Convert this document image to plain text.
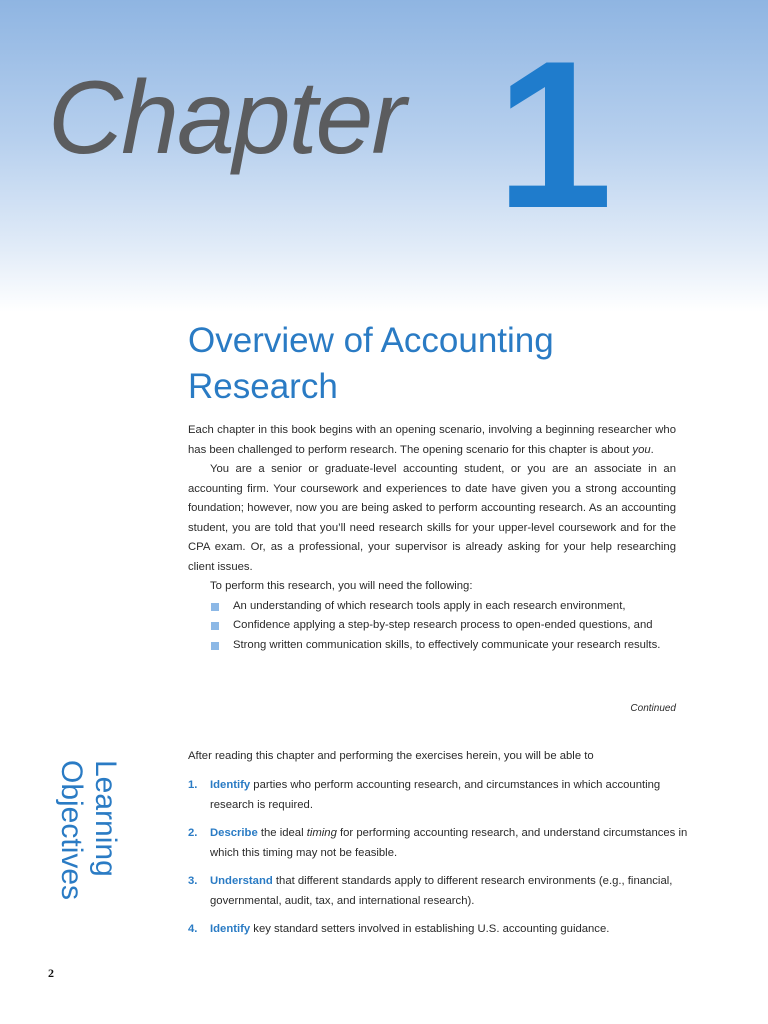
Chapter 1
Overview of Accounting Research

Each chapter in this book begins with an opening scenario, involving a beginning researcher who has been challenged to perform research. The opening scenario for this chapter is about you.

You are a senior or graduate-level accounting student, or you are an associate in an accounting firm. Your coursework and experiences to date have given you a strong accounting foundation; however, now you are being asked to perform accounting research. As an accounting student, you are told that you’ll need research skills for your upper-level coursework and for the CPA exam. Or, as a professional, your supervisor is already asking for your help researching client issues.

To perform this research, you will need the following:

An understanding of which research tools apply in each research environment,
Confidence applying a step-by-step research process to open-ended questions, and
Strong written communication skills, to effectively communicate your research results.
Continued
Learning
Objectives
After reading this chapter and performing the exercises herein, you will be able to
1. Identify parties who perform accounting research, and circumstances in which accounting research is required.
2. Describe the ideal timing for performing accounting research, and understand circumstances in which this timing may not be feasible.
3. Understand that different standards apply to different research environments (e.g., financial, governmental, audit, tax, and international research).
4. Identify key standard setters involved in establishing U.S. accounting guidance.
2
